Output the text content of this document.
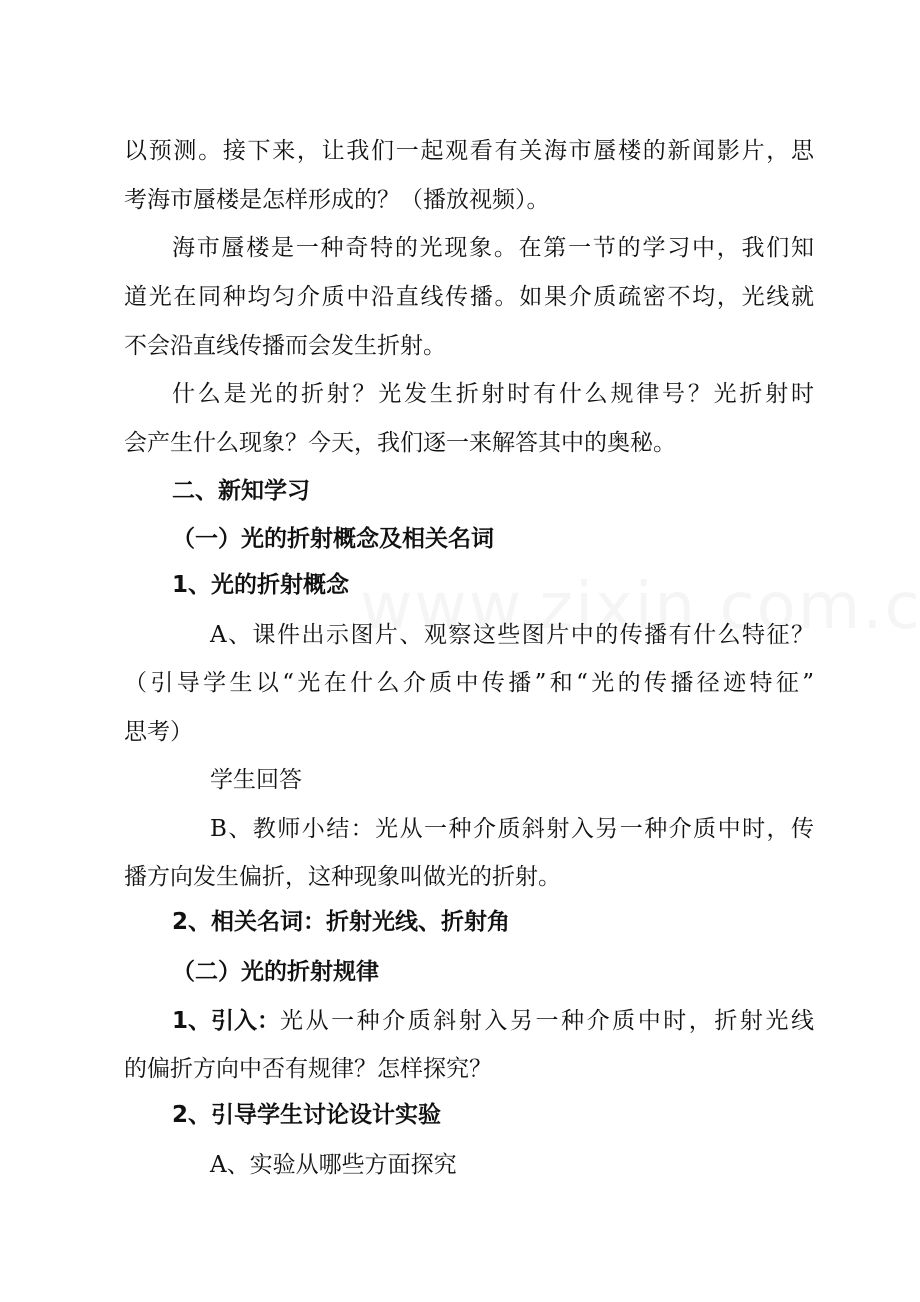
以预测。接下来，让我们一起观看有关海市蜃楼的新闻影片，思
考海市蜃楼是怎样形成的？（播放视频）。
海市蜃楼是一种奇特的光现象。在第一节的学习中，我们知
道光在同种均匀介质中沿直线传播。如果介质疏密不均，光线就
不会沿直线传播而会发生折射。
什么是光的折射？光发生折射时有什么规律号？光折射时
会产生什么现象？今天，我们逐一来解答其中的奥秘。
二、新知学习
（一）光的折射概念及相关名词
1、光的折射概念
A、课件出示图片、观察这些图片中的传播有什么特征？
（引导学生以“光在什么介质中传播”和“光的传播径迹特征”
思考）
学生回答
B、教师小结：光从一种介质斜射入另一种介质中时，传
播方向发生偏折，这种现象叫做光的折射。
2、相关名词：折射光线、折射角
（二）光的折射规律
1、引入： 光从一种介质斜射入另一种介质中时，折射光线
的偏折方向中否有规律？怎样探究？
2、引导学生讨论设计实验
A、实验从哪些方面探究
